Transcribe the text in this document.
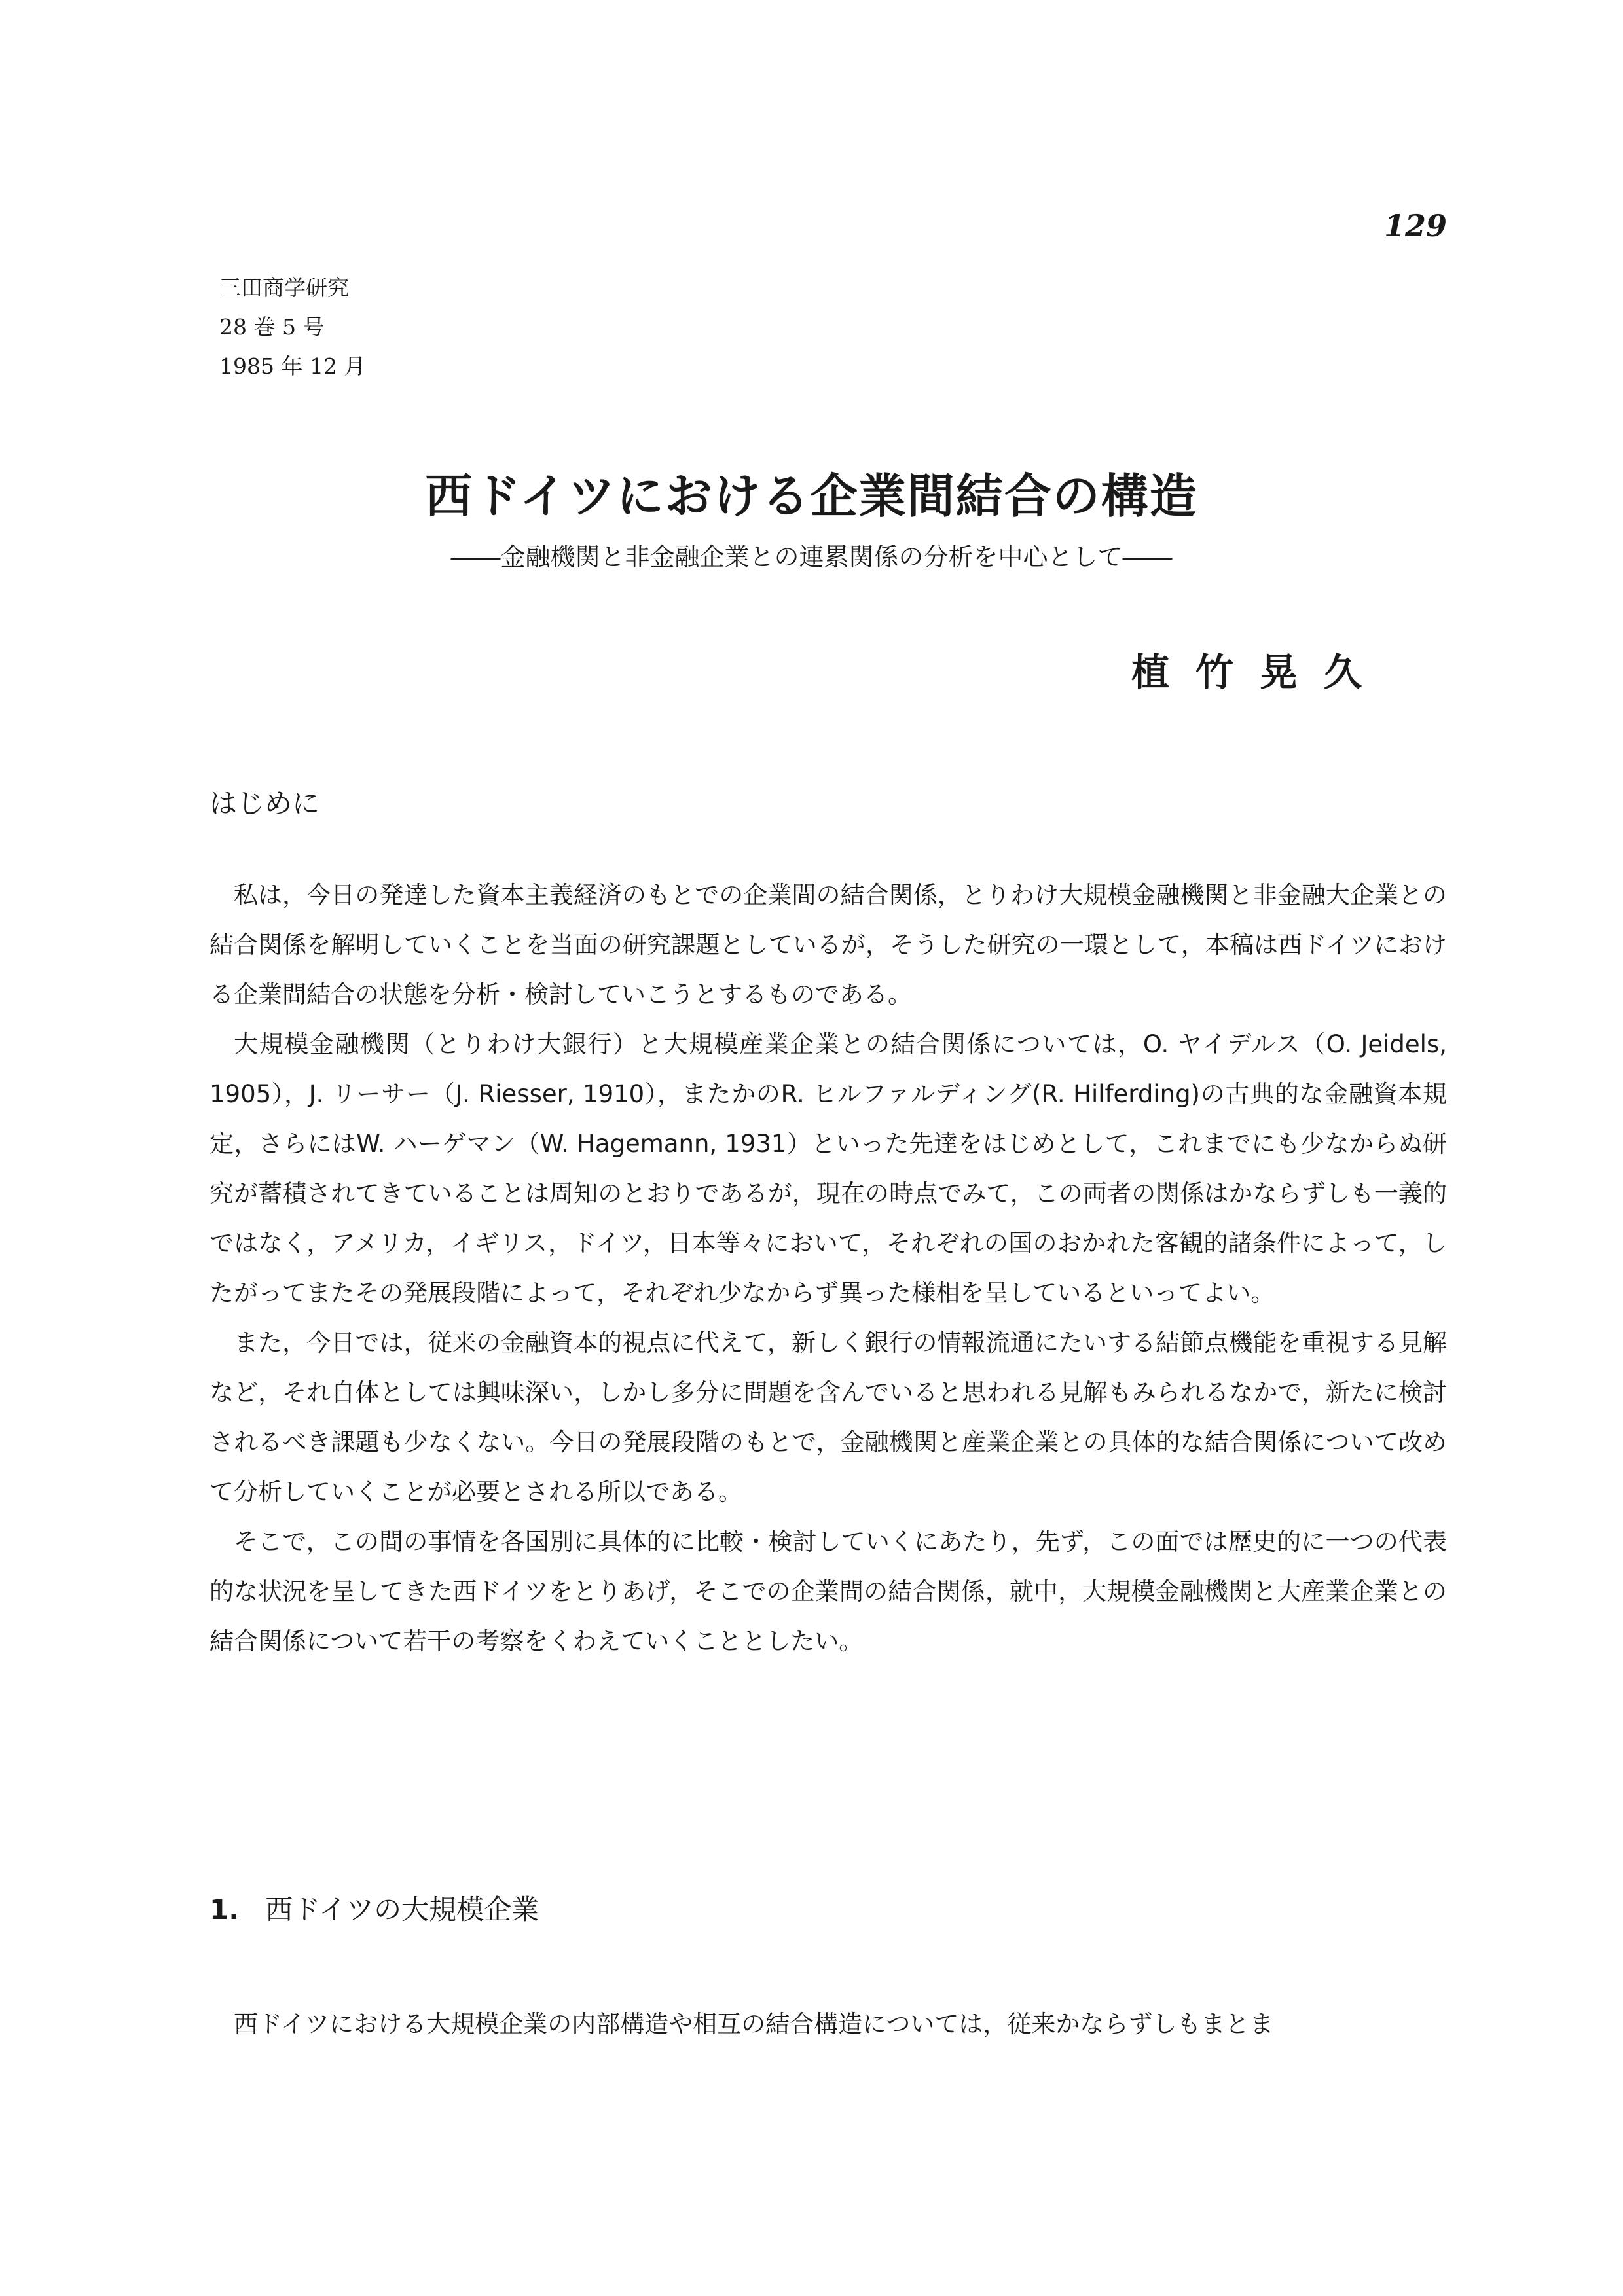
129
三田商学研究
28 巻 5 号
1985 年 12 月
西ドイツにおける企業間結合の構造
――金融機関と非金融企業との連累関係の分析を中心として――
植竹晃久
はじめに

私は，今日の発達した資本主義経済のもとでの企業間の結合関係，とりわけ大規模金融機関と非金融大企業との結合関係を解明していくことを当面の研究課題としているが，そうした研究の一環として，本稿は西ドイツにおける企業間結合の状態を分析・検討していこうとするものである。

大規模金融機関（とりわけ大銀行）と大規模産業企業との結合関係については，O. ヤイデルス（O. Jeidels, 1905），J. リーサー（J. Riesser, 1910），またかのR. ヒルファルディング(R. Hilferding)の古典的な金融資本規定，さらにはW. ハーゲマン（W. Hagemann, 1931）といった先達をはじめとして，これまでにも少なからぬ研究が蓄積されてきていることは周知のとおりであるが，現在の時点でみて，この両者の関係はかならずしも一義的ではなく，アメリカ，イギリス，ドイツ，日本等々において，それぞれの国のおかれた客観的諸条件によって，したがってまたその発展段階によって，それぞれ少なからず異った様相を呈しているといってよい。

また，今日では，従来の金融資本的視点に代えて，新しく銀行の情報流通にたいする結節点機能を重視する見解など，それ自体としては興味深い，しかし多分に問題を含んでいると思われる見解もみられるなかで，新たに検討されるべき課題も少なくない。今日の発展段階のもとで，金融機関と産業企業との具体的な結合関係について改めて分析していくことが必要とされる所以である。

そこで，この間の事情を各国別に具体的に比較・検討していくにあたり，先ず，この面では歴史的に一つの代表的な状況を呈してきた西ドイツをとりあげ，そこでの企業間の結合関係，就中，大規模金融機関と大産業企業との結合関係について若干の考察をくわえていくこととしたい。

1. 西ドイツの大規模企業

西ドイツにおける大規模企業の内部構造や相互の結合構造については，従来かならずしもまとま
